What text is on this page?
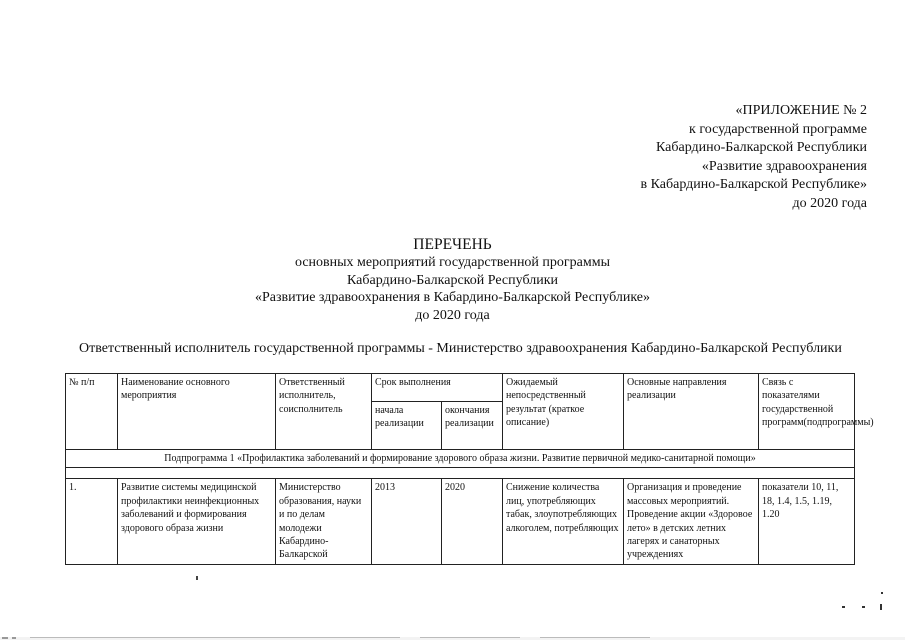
«ПРИЛОЖЕНИЕ № 2
к государственной программе
Кабардино-Балкарской Республики
«Развитие здравоохранения
в Кабардино-Балкарской Республике»
до 2020 года
ПЕРЕЧЕНЬ
основных мероприятий государственной программы
Кабардино-Балкарской Республики
«Развитие здравоохранения в Кабардино-Балкарской Республике»
до 2020 года
Ответственный исполнитель государственной программы - Министерство здравоохранения Кабардино-Балкарской Республики
№ п/п	Наименование основного мероприятия	Ответственный исполнитель, соисполнитель	Срок выполнения		Ожидаемый непосредственный результат (краткое описание)	Основные направления реализации	Связь с показателями государственной программ(подпрограммы)
			начала реализации	окончания реализации			
Подпрограмма 1 «Профилактика заболеваний и формирование здорового образа жизни. Развитие первичной медико-санитарной помощи»							

1.	Развитие системы медицинской профилактики неинфекционных заболеваний и формирования здорового образа жизни	Министерство образования, науки и по делам молодежи Кабардино-Балкарской	2013	2020	Снижение количества лиц, употребляющих табак, злоупотребляющих алкоголем, потребляющих	Организация и проведение массовых мероприятий. Проведение акции «Здоровое лето» в детских летних лагерях и санаторных учреждениях	показатели 10, 11, 18, 1.4, 1.5, 1.19, 1.20
